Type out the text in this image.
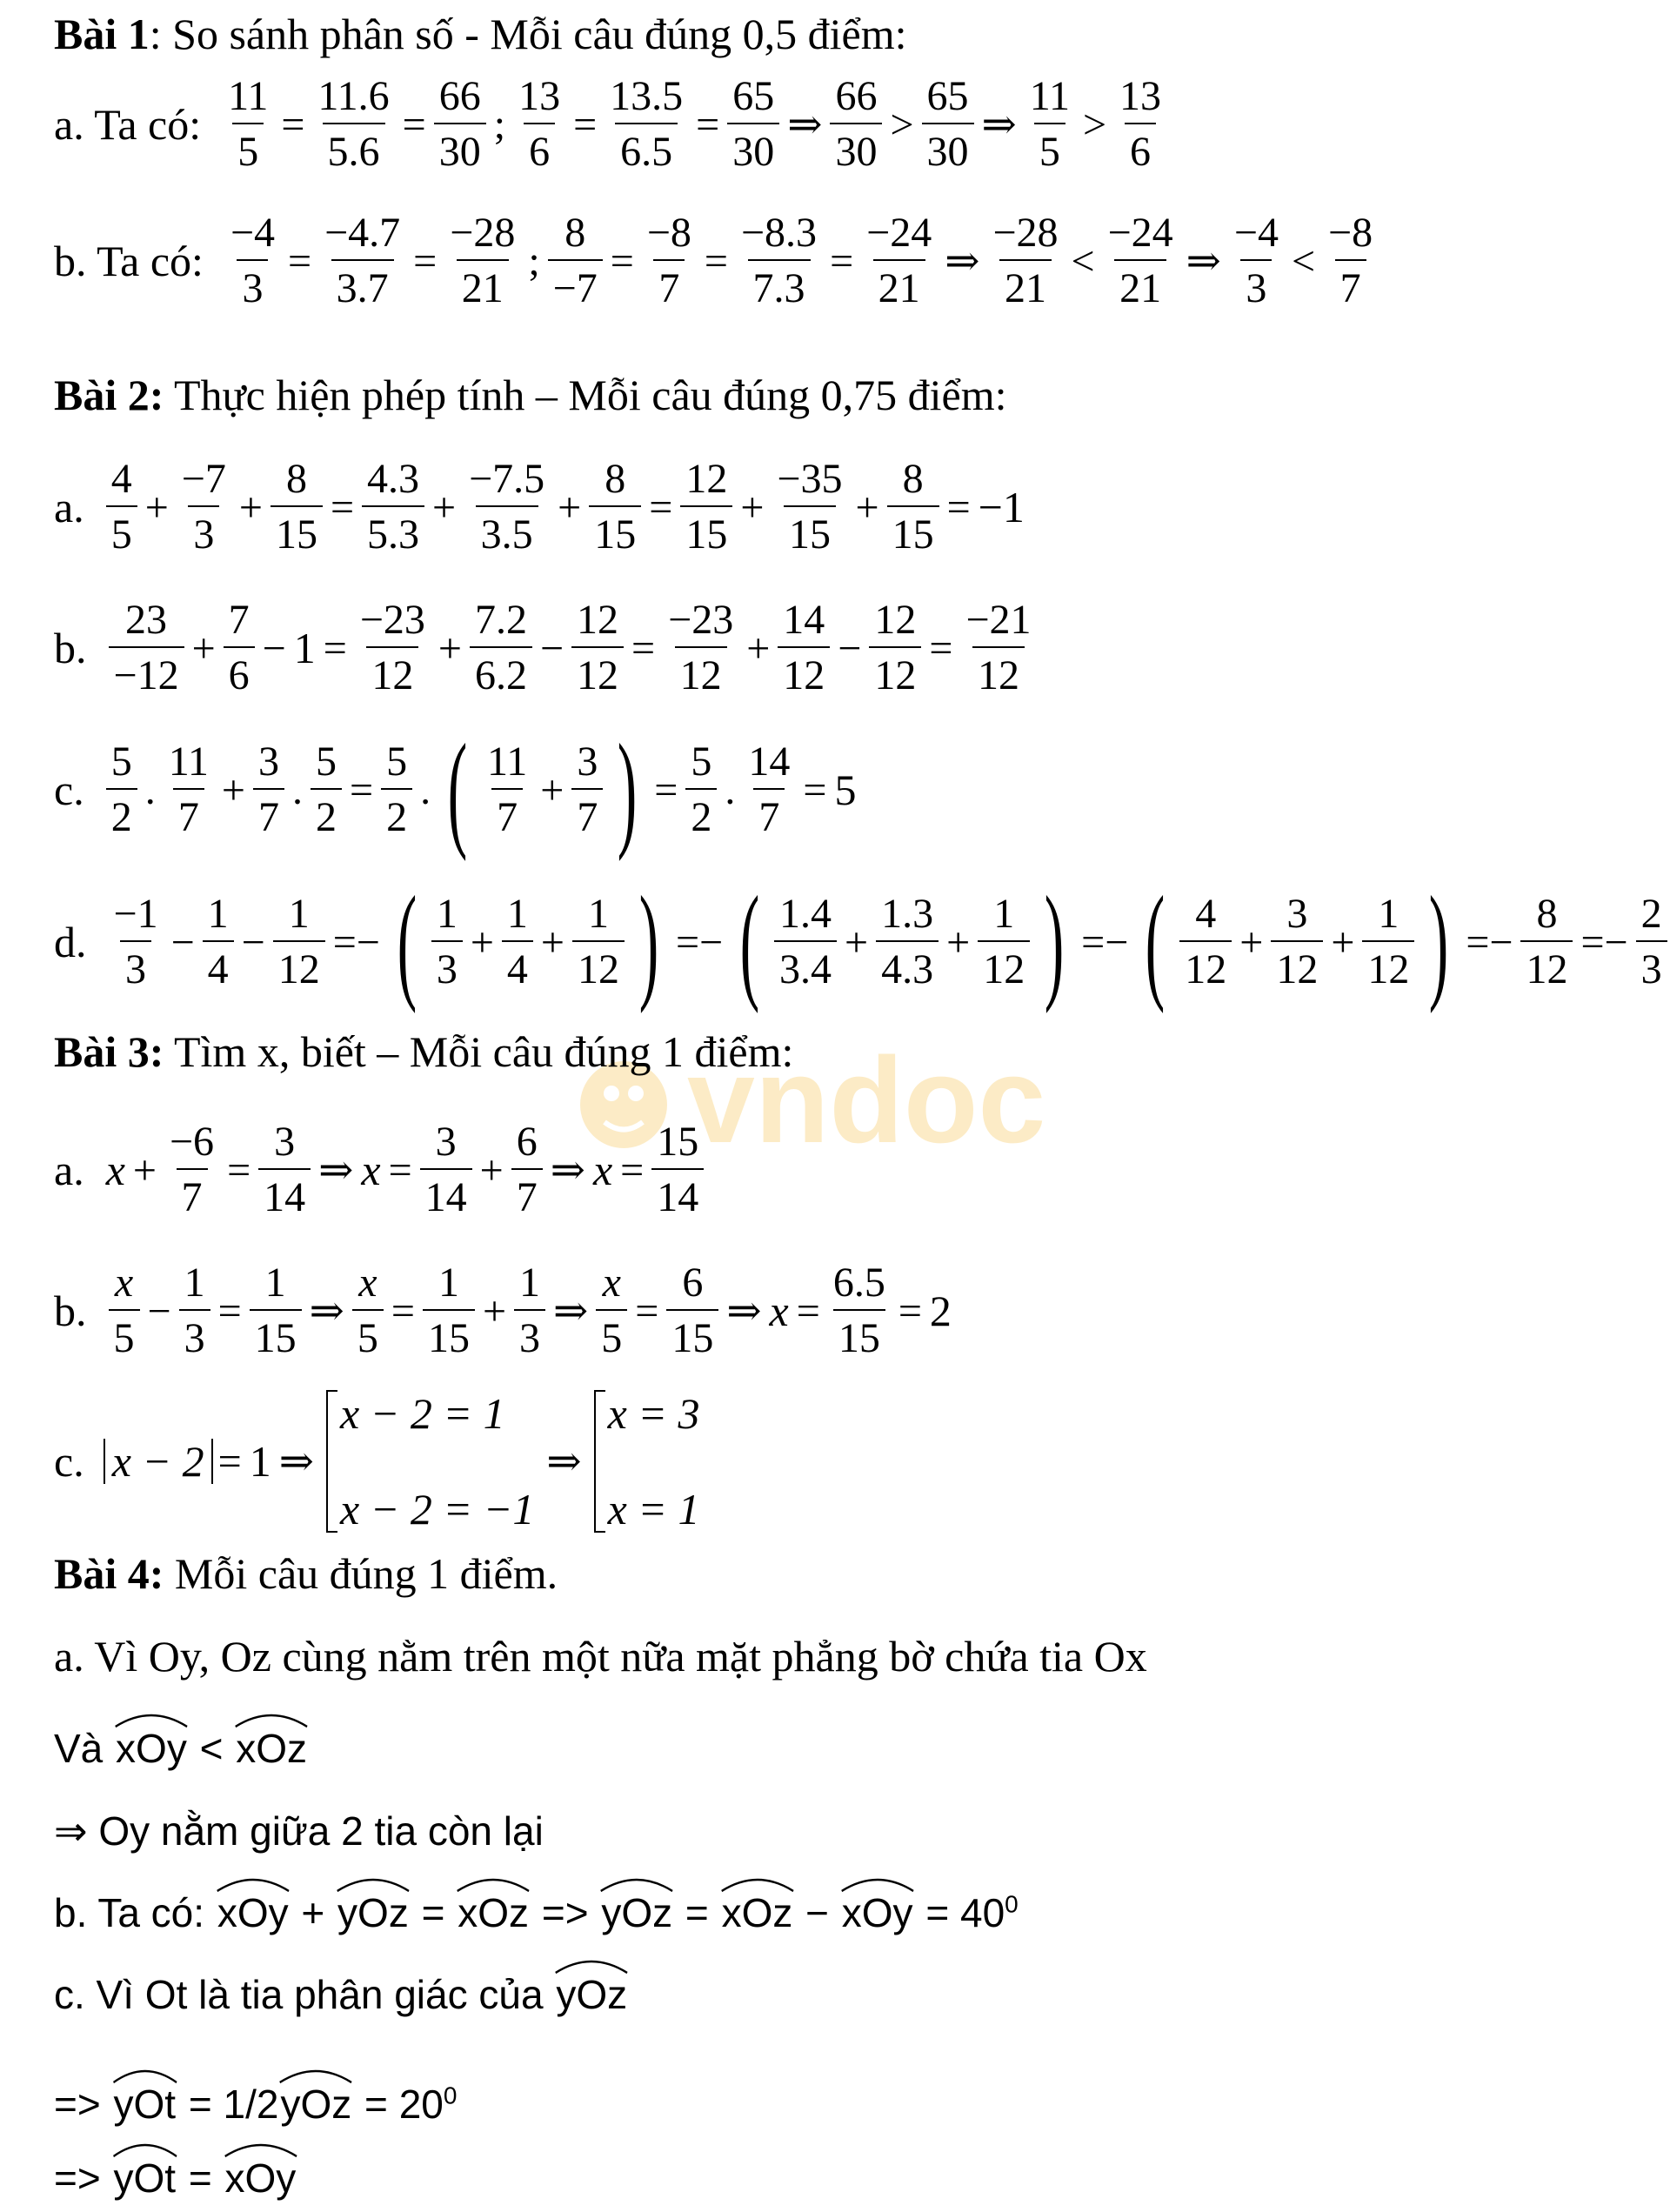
Bài 1: So sánh phân số - Mỗi câu đúng 0,5 điểm:
a. Ta có: $\frac{11}{5} = \frac{11.6}{5.6} = \frac{66}{30}$ ; $\frac{13}{6} = \frac{13.5}{6.5} = \frac{65}{30}$ ⇒ $\frac{66}{30} > \frac{65}{30}$ ⇒ $\frac{11}{5} > \frac{13}{6}$
b. Ta có: $\frac{-4}{3} = \frac{-4.7}{3.7} = \frac{-28}{21}$ ; $\frac{8}{-7} = \frac{-8}{7} = \frac{-8.3}{7.3} = \frac{-24}{21}$ ⇒ $\frac{-28}{21} < \frac{-24}{21}$ ⇒ $\frac{-4}{3} < \frac{-8}{7}$
Bài 2: Thực hiện phép tính – Mỗi câu đúng 0,75 điểm:
a. $\frac{4}{5} + \frac{-7}{3} + \frac{8}{15} = \frac{4.3}{5.3} + \frac{-7.5}{3.5} + \frac{8}{15} = \frac{12}{15} + \frac{-35}{15} + \frac{8}{15} = -1$
b. $\frac{23}{-12} + \frac{7}{6} - 1 = \frac{-23}{12} + \frac{7.2}{6.2} - \frac{12}{12} = \frac{-23}{12} + \frac{14}{12} - \frac{12}{12} = \frac{-21}{12}$
c. $\frac{5}{2}$ . $\frac{11}{7} + \frac{3}{7}$ . $\frac{5}{2} = \frac{5}{2}$ . ( $\frac{11}{7} + \frac{3}{7}$ ) = $\frac{5}{2}$ . $\frac{14}{7} = 5$
d. $\frac{-1}{3} - \frac{1}{4} - \frac{1}{12}$ =− ( $\frac{1}{3} + \frac{1}{4} + \frac{1}{12}$ ) =− ( $\frac{1.4}{3.4} + \frac{1.3}{4.3} + \frac{1}{12}$ ) =− ( $\frac{4}{12} + \frac{3}{12} + \frac{1}{12}$ ) =− $\frac{8}{12} =- \frac{2}{3}$
vndoc
Bài 3: Tìm x, biết – Mỗi câu đúng 1 điểm:
a. $x + \frac{-6}{7} = \frac{3}{14}$ ⇒ $x = \frac{3}{14} + \frac{6}{7}$ ⇒ $x = \frac{15}{14}$
b. $\frac{x}{5} - \frac{1}{3} = \frac{1}{15}$ ⇒ $\frac{x}{5} = \frac{1}{15} + \frac{1}{3}$ ⇒ $\frac{x}{5} = \frac{6}{15}$ ⇒ $x = \frac{6.5}{15} = 2$
c. x − 2 = 1 ⇒
x − 2 = 1
x − 2 = −1
⇒
x = 3
x = 1
Bài 4: Mỗi câu đúng 1 điểm.
a. Vì Oy, Oz cùng nằm trên một nữa mặt phẳng bờ chứa tia Ox
Và xOy < xOz
⇒ Oy nằm giữa 2 tia còn lại
b. Ta có: xOy +
yOz =
xOz => yOz =
xOz −
xOy = $40^0$
c. Vì Ot là tia phân giác của yOz
=> yOt = 1/2
yOz = $20^0$
=> yOt =
xOy
